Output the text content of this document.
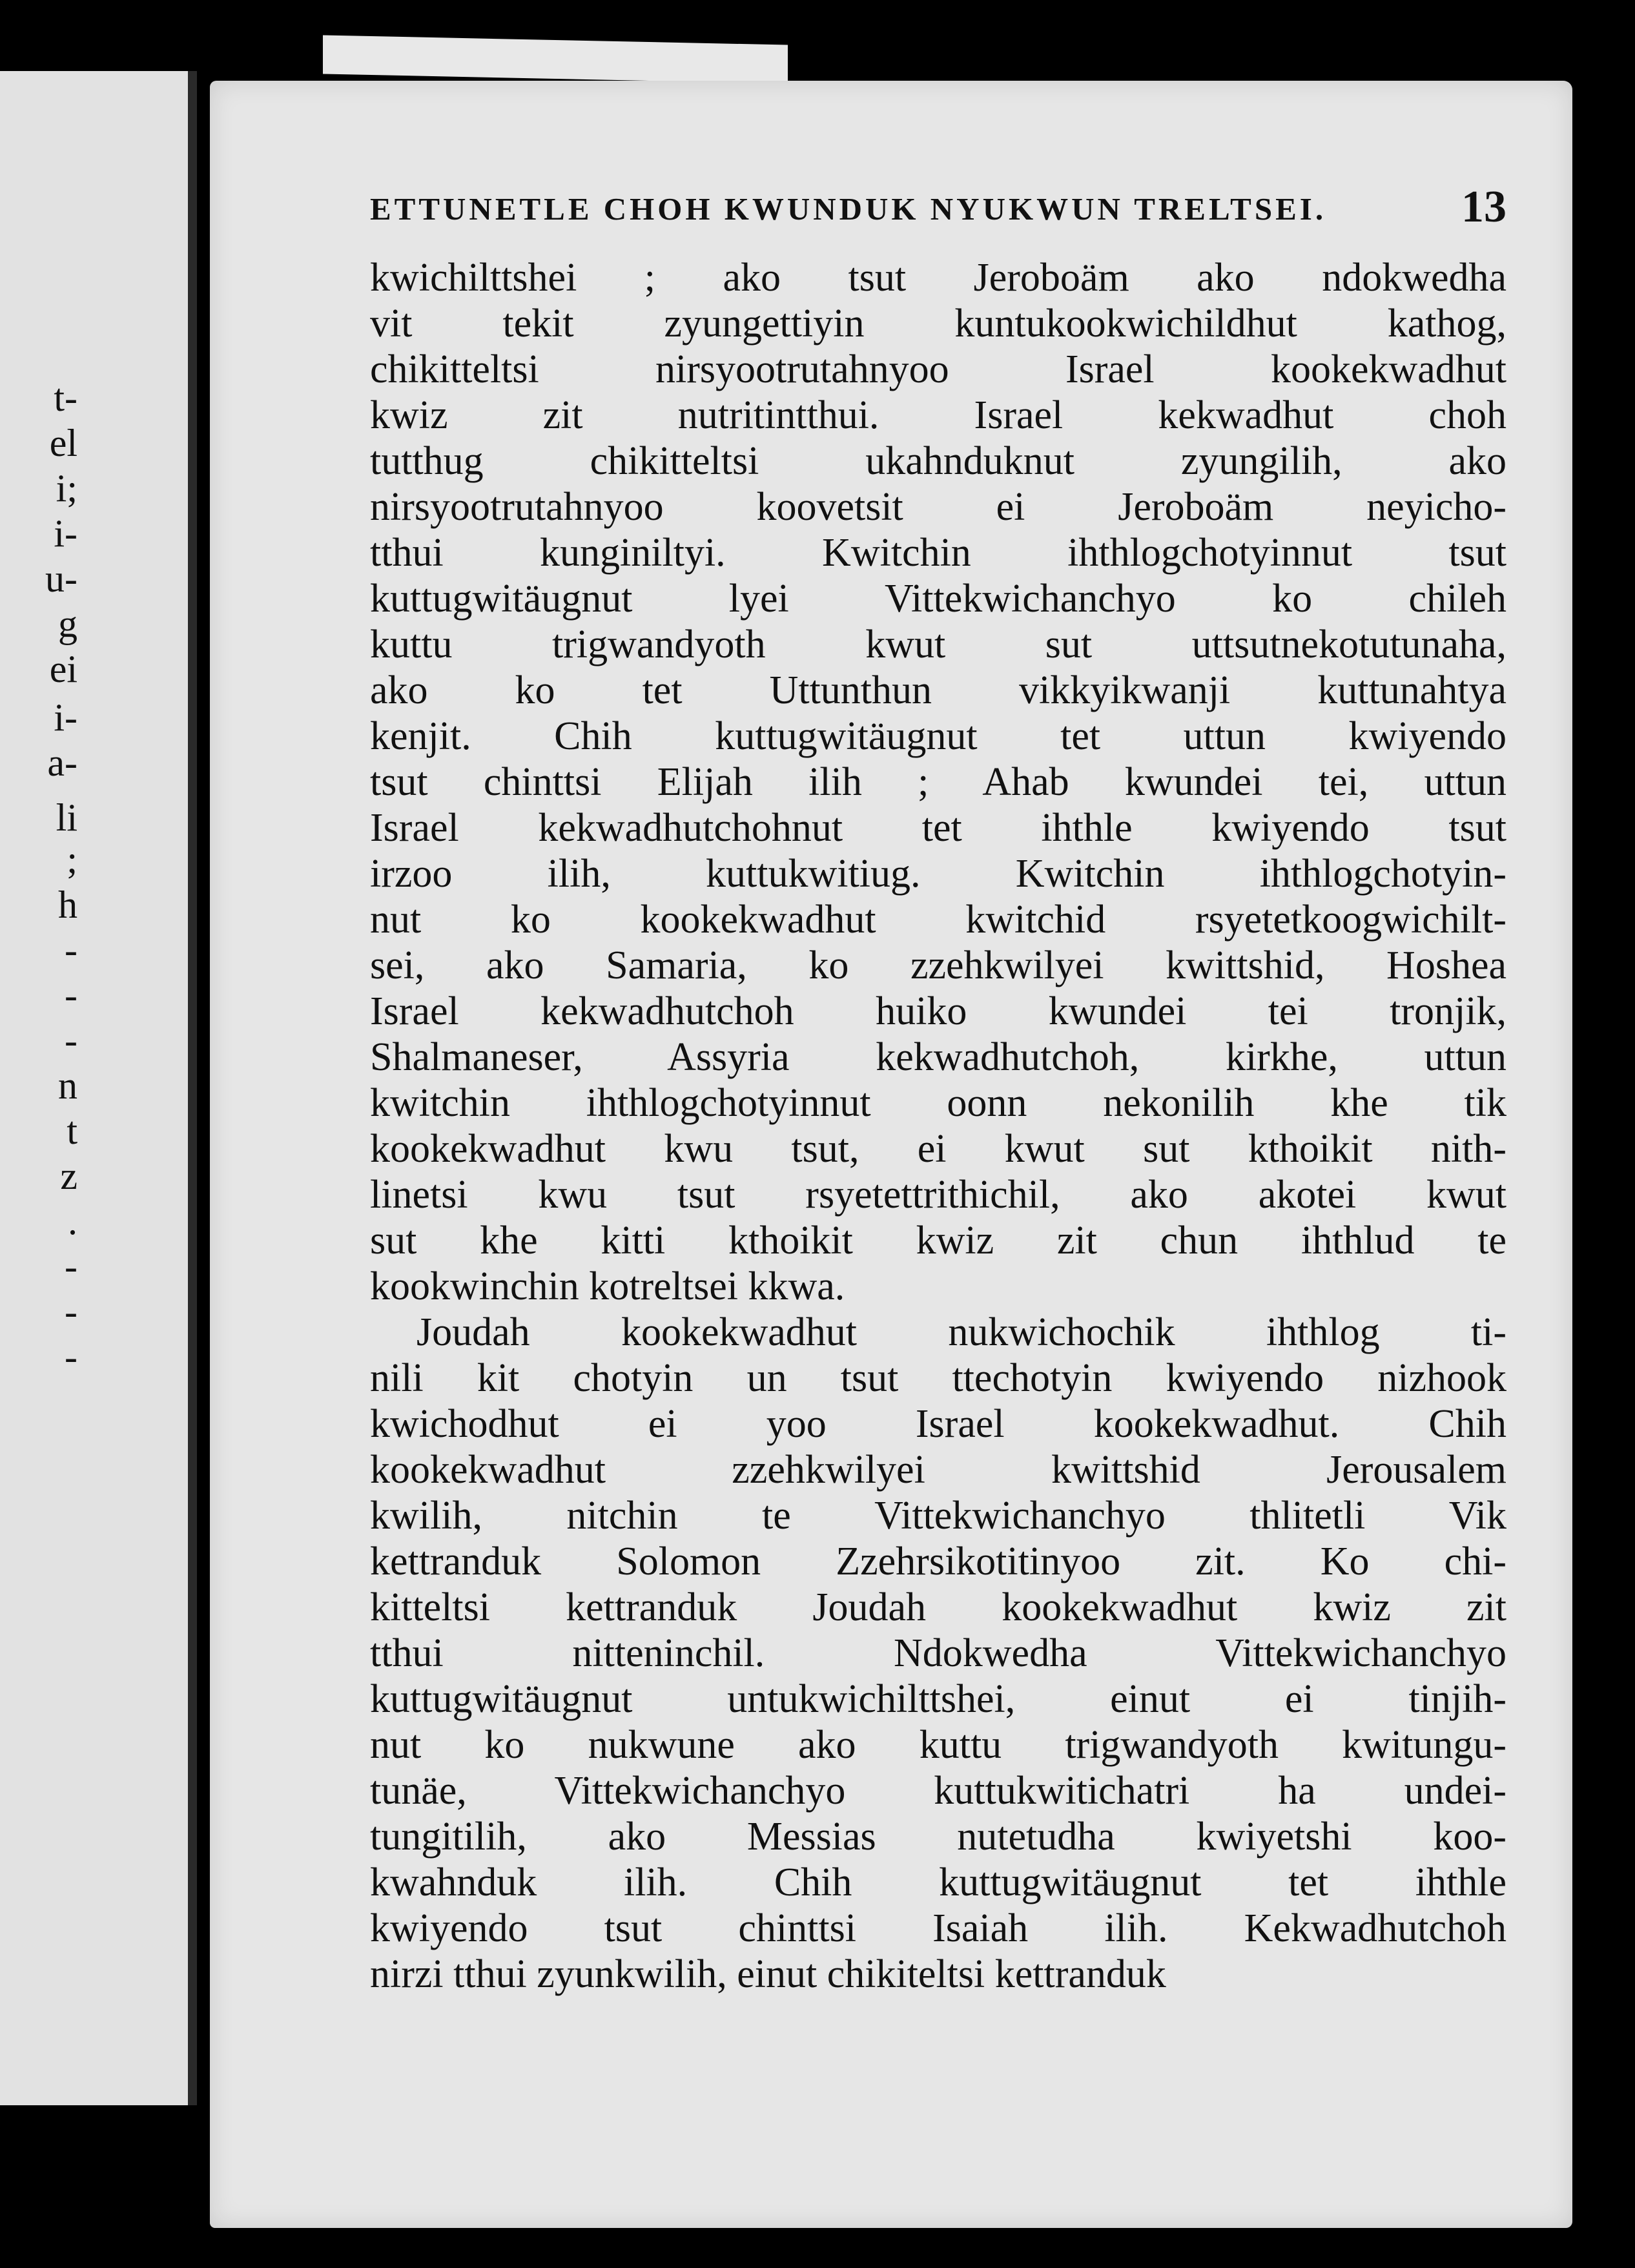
t-
el
i;
i-
u-
g
ei
i-
a-
li
;
h
-
-
-
n
t
z
.
-
-
-
ETTUNETLE CHOH KWUNDUK NYUKWUN TRELTSEI.	13
kwichilttshei ; ako tsut Jeroboäm ako ndokwedha
vit tekit zyungettiyin kuntukookwichildhut kathog,
chikitteltsi nirsyootrutahnyoo Israel kookekwadhut
kwiz zit nutritintthui. Israel kekwadhut choh
tutthug chikitteltsi ukahnduknut zyungilih, ako
nirsyootrutahnyoo koovetsit ei Jeroboäm neyicho-
tthui kunginiltyi. Kwitchin ihthlogchotyinnut tsut
kuttugwitäugnut lyei Vittekwichanchyo ko chileh
kuttu trigwandyoth kwut sut uttsutnekotutunaha,
ako ko tet Uttunthun vikkyikwanji kuttunahtya
kenjit. Chih kuttugwitäugnut tet uttun kwiyendo
tsut chinttsi Elijah ilih ; Ahab kwundei tei, uttun
Israel kekwadhutchohnut tet ihthle kwiyendo tsut
irzoo ilih, kuttukwitiug. Kwitchin ihthlogchotyin-
nut ko kookekwadhut kwitchid rsyetetkoogwichilt-
sei, ako Samaria, ko zzehkwilyei kwittshid, Hoshea
Israel kekwadhutchoh huiko kwundei tei tronjik,
Shalmaneser, Assyria kekwadhutchoh, kirkhe, uttun
kwitchin ihthlogchotyinnut oonn nekonilih khe tik
kookekwadhut kwu tsut, ei kwut sut kthoikit nith-
linetsi kwu tsut rsyetettrithichil, ako akotei kwut
sut khe kitti kthoikit kwiz zit chun ihthlud te
kookwinchin kotreltsei kkwa.
Joudah kookekwadhut nukwichochik ihthlog ti-
nili kit chotyin un tsut ttechotyin kwiyendo nizhook
kwichodhut ei yoo Israel kookekwadhut. Chih
kookekwadhut zzehkwilyei kwittshid Jerousalem
kwilih, nitchin te Vittekwichanchyo thlitetli Vik
kettranduk Solomon Zzehrsikotitinyoo zit. Ko chi-
kitteltsi kettranduk Joudah kookekwadhut kwiz zit
tthui nitteninchil. Ndokwedha Vittekwichanchyo
kuttugwitäugnut untukwichilttshei, einut ei tinjih-
nut ko nukwune ako kuttu trigwandyoth kwitungu-
tunäe, Vittekwichanchyo kuttukwitichatri ha undei-
tungitilih, ako Messias nutetudha kwiyetshi koo-
kwahnduk ilih. Chih kuttugwitäugnut tet ihthle
kwiyendo tsut chinttsi Isaiah ilih. Kekwadhutchoh
nirzi tthui zyunkwilih, einut chikiteltsi kettranduk
